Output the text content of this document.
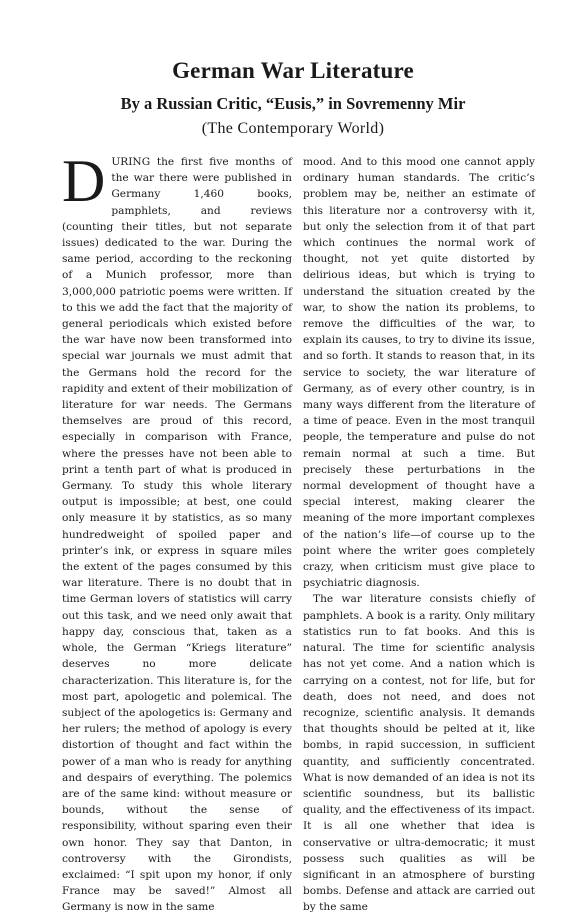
German War Literature
By a Russian Critic, “Eusis,” in Sovremenny Mir
(The Contemporary World)

DURING the first five months of the war there were published in Germany 1,460 books, pamphlets, and reviews (counting their titles, but not separate issues) dedicated to the war. During the same period, according to the reckoning of a Munich professor, more than 3,000,000 patriotic poems were written. If to this we add the fact that the majority of general periodicals which existed before the war have now been transformed into special war journals we must admit that the Germans hold the record for the rapidity and extent of their mobilization of literature for war needs. The Germans themselves are proud of this record, especially in comparison with France, where the presses have not been able to print a tenth part of what is produced in Germany. To study this whole literary output is impossible; at best, one could only measure it by statistics, as so many hundredweight of spoiled paper and printer’s ink, or express in square miles the extent of the pages consumed by this war literature. There is no doubt that in time German lovers of statistics will carry out this task, and we need only await that happy day, conscious that, taken as a whole, the German “Kriegs literature” deserves no more delicate characterization. This literature is, for the most part, apologetic and polemical. The subject of the apologetics is: Germany and her rulers; the method of apology is every distortion of thought and fact within the power of a man who is ready for anything and despairs of everything. The polemics are of the same kind: without measure or bounds, without the sense of responsibility, without sparing even their own honor. They say that Danton, in controversy with the Girondists, exclaimed: “I spit upon my honor, if only France may be saved!” Almost all Germany is now in the same

mood. And to this mood one cannot apply ordinary human standards. The critic’s problem may be, neither an estimate of this literature nor a controversy with it, but only the selection from it of that part which continues the normal work of thought, not yet quite distorted by delirious ideas, but which is trying to understand the situation created by the war, to show the nation its problems, to remove the difficulties of the war, to explain its causes, to try to divine its issue, and so forth. It stands to reason that, in its service to society, the war literature of Germany, as of every other country, is in many ways different from the literature of a time of peace. Even in the most tranquil people, the temperature and pulse do not remain normal at such a time. But precisely these perturbations in the normal development of thought have a special interest, making clearer the meaning of the more important complexes of the nation’s life—of course up to the point where the writer goes completely crazy, when criticism must give place to psychiatric diagnosis.

The war literature consists chiefly of pamphlets. A book is a rarity. Only military statistics run to fat books. And this is natural. The time for scientific analysis has not yet come. And a nation which is carrying on a contest, not for life, but for death, does not need, and does not recognize, scientific analysis. It demands that thoughts should be pelted at it, like bombs, in rapid succession, in sufficient quantity, and sufficiently concentrated. What is now demanded of an idea is not its scientific soundness, but its ballistic quality, and the effectiveness of its impact. It is all one whether that idea is conservative or ultra-democratic; it must possess such qualities as will be significant in an atmosphere of bursting bombs. Defense and attack are carried out by the same
